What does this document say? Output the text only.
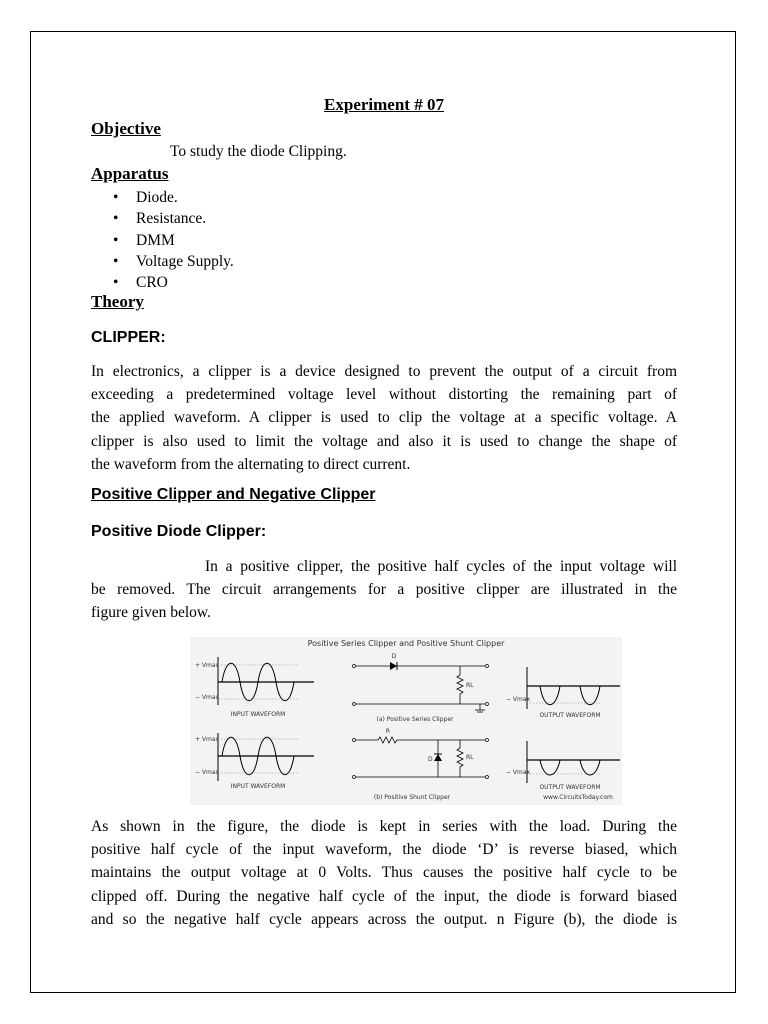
Experiment # 07
Objective
To study the diode Clipping.
Apparatus
• Diode.
• Resistance.
• DMM
• Voltage Supply.
• CRO
Theory
CLIPPER:
In electronics, a clipper is a device designed to prevent the output of a circuit from
exceeding a predetermined voltage level without distorting the remaining part of
the applied waveform. A clipper is used to clip the voltage at a specific voltage. A
clipper is also used to limit the voltage and also it is used to change the shape of
the waveform from the alternating to direct current.
Positive Clipper and Negative Clipper
Positive Diode Clipper:
In a positive clipper, the positive half cycles of the input voltage will
be removed. The circuit arrangements for a positive clipper are illustrated in the
figure given below.
Positive Series Clipper and Positive Shunt Clipper
+ Vmax
− Vmax
INPUT WAVEFORM
D
RL
(a) Positive Series Clipper
− Vmax
OUTPUT WAVEFORM
+ Vmax
− Vmax
INPUT WAVEFORM
R
D	RL
(b) Positive Shunt Clipper
− Vmax
OUTPUT WAVEFORM
www.CircuitsToday.com
As shown in the figure, the diode is kept in series with the load. During the
positive half cycle of the input waveform, the diode ‘D’ is reverse biased, which
maintains the output voltage at 0 Volts. Thus causes the positive half cycle to be
clipped off. During the negative half cycle of the input, the diode is forward biased
and so the negative half cycle appears across the output. n Figure (b), the diode is
